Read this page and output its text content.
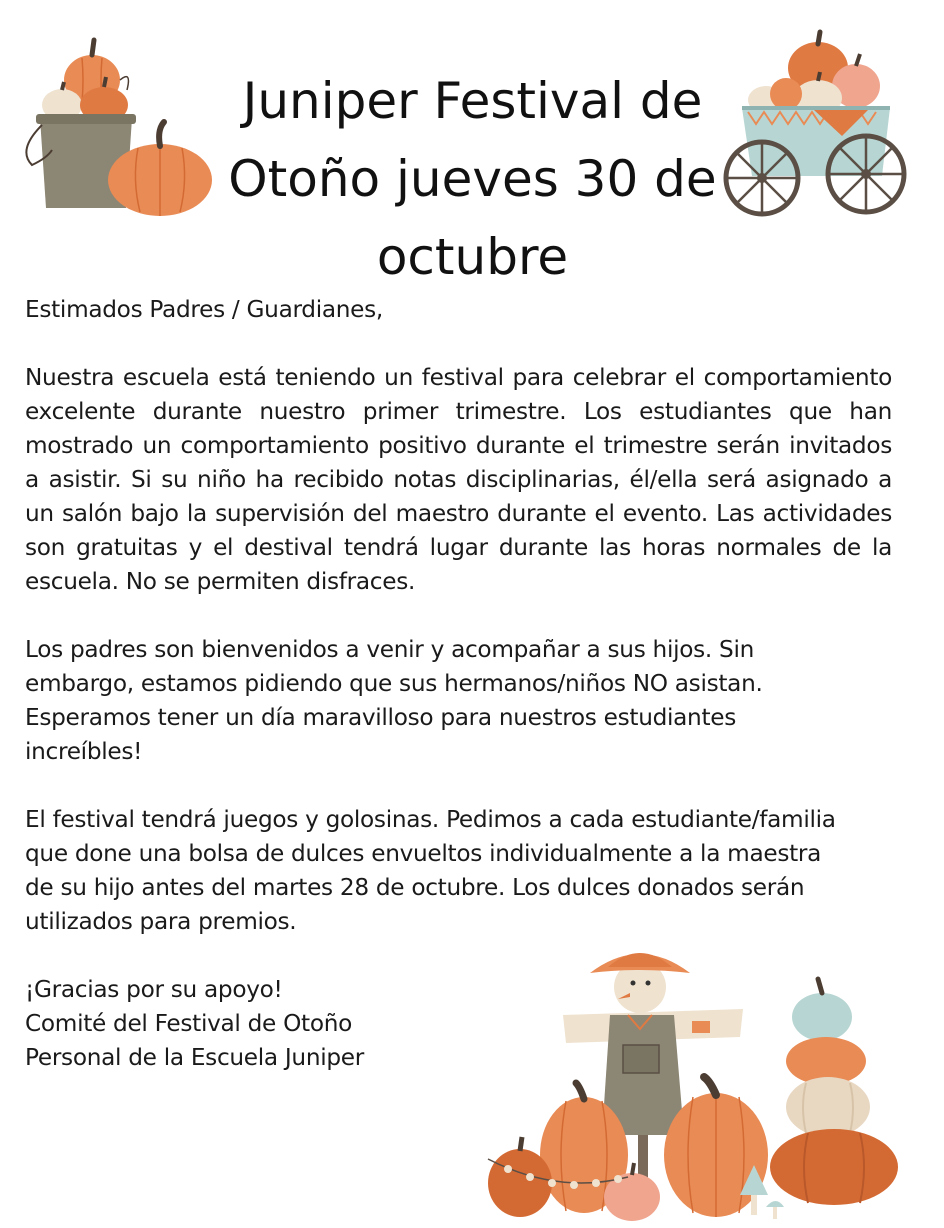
Juniper Festival de
Otoño jueves 30 de
octubre

Estimados Padres / Guardianes,

Nuestra escuela está teniendo un festival para celebrar el comportamiento excelente durante nuestro primer trimestre. Los estudiantes que han mostrado un comportamiento positivo durante el trimestre serán invitados a asistir. Si su niño ha recibido notas disciplinarias, él/ella será asignado a un salón bajo la supervisión del maestro durante el evento. Las actividades son gratuitas y el destival tendrá lugar durante las horas normales de la escuela. No se permiten disfraces.

Los padres son bienvenidos a venir y acompañar a sus hijos. Sin

embargo, estamos pidiendo que sus hermanos/niños NO asistan.

Esperamos tener un día maravilloso para nuestros estudiantes

increíbles!

El festival tendrá juegos y golosinas. Pedimos a cada estudiante/familia

que done una bolsa de dulces envueltos individualmente a la maestra

de su hijo antes del martes 28 de octubre. Los dulces donados serán

utilizados para premios.

¡Gracias por su apoyo!

Comité del Festival de Otoño

Personal de la Escuela Juniper
